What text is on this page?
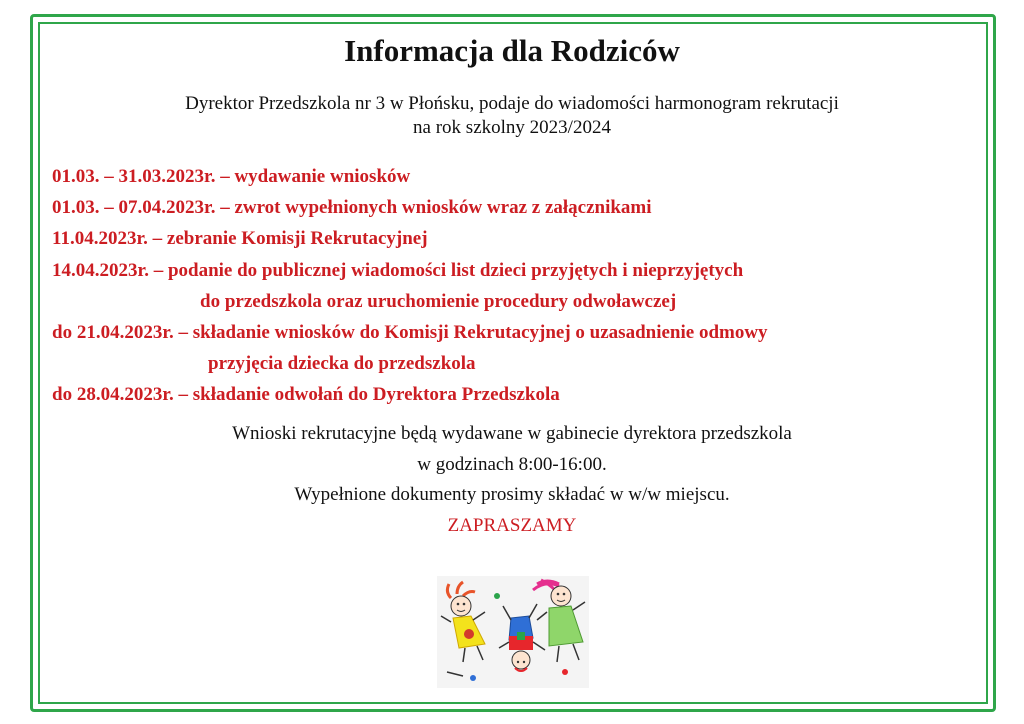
Informacja dla Rodziców
Dyrektor Przedszkola nr 3 w Płońsku, podaje do wiadomości harmonogram rekrutacji
na rok szkolny 2023/2024
01.03. – 31.03.2023r. – wydawanie wniosków
01.03. – 07.04.2023r. – zwrot wypełnionych wniosków wraz z załącznikami
11.04.2023r. – zebranie Komisji Rekrutacyjnej
14.04.2023r. – podanie do publicznej wiadomości list dzieci przyjętych i nieprzyjętych
do przedszkola oraz uruchomienie procedury odwoławczej
do 21.04.2023r. – składanie wniosków do Komisji Rekrutacyjnej o uzasadnienie odmowy
przyjęcia dziecka do przedszkola
do 28.04.2023r. – składanie odwołań do Dyrektora Przedszkola
Wnioski rekrutacyjne będą wydawane w gabinecie dyrektora przedszkola
w godzinach 8:00-16:00.
Wypełnione dokumenty prosimy składać w w/w miejscu.
ZAPRASZAMY
